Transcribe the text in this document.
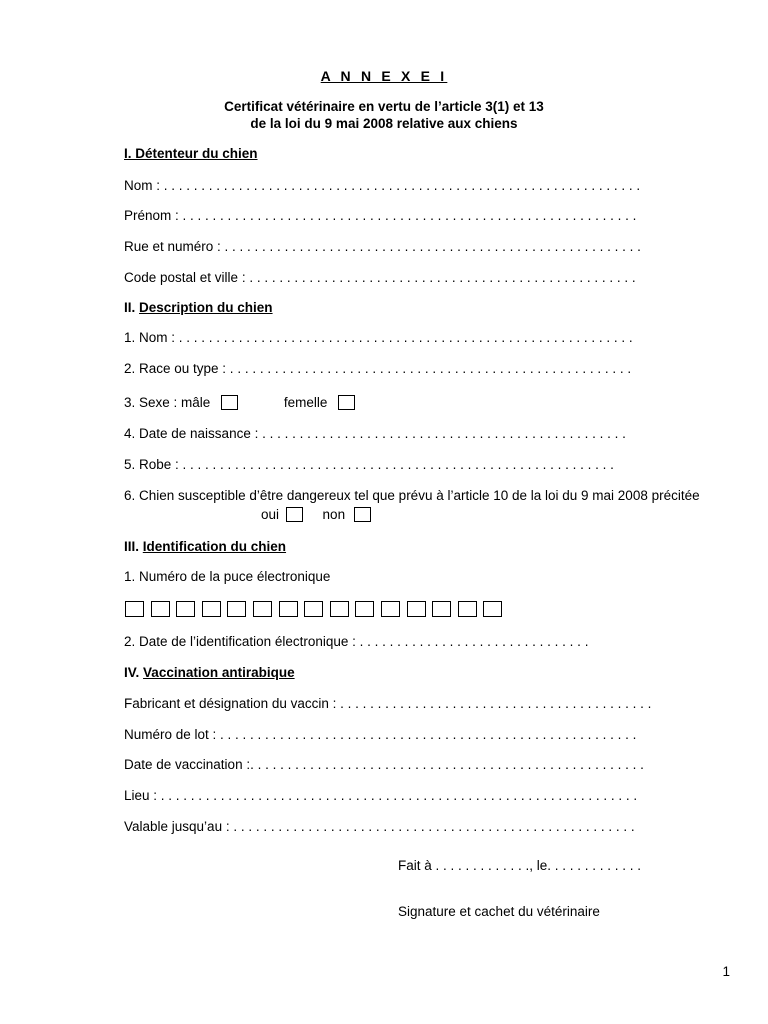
A N N E X E I
Certificat vétérinaire en vertu de l’article 3(1) et 13
de la loi du 9 mai 2008 relative aux chiens
I. Détenteur du chien
Nom : . . . . . . . . . . . . . . . . . . . . . . . . . . . . . . . . . . . . . . . . . . . . . . . . . . . . . . . . . . . . . . . .
Prénom : . . . . . . . . . . . . . . . . . . . . . . . . . . . . . . . . . . . . . . . . . . . . . . . . . . . . . . . . . . . . .
Rue et numéro : . . . . . . . . . . . . . . . . . . . . . . . . . . . . . . . . . . . . . . . . . . . . . . . . . . . . . . . .
Code postal et ville : . . . . . . . . . . . . . . . . . . . . . . . . . . . . . . . . . . . . . . . . . . . . . . . . . . . .
II. Description du chien
1. Nom : . . . . . . . . . . . . . . . . . . . . . . . . . . . . . . . . . . . . . . . . . . . . . . . . . . . . . . . . . . . . .
2. Race ou type : . . . . . . . . . . . . . . . . . . . . . . . . . . . . . . . . . . . . . . . . . . . . . . . . . . . . . .
3. Sexe : mâle	femelle
4. Date de naissance : . . . . . . . . . . . . . . . . . . . . . . . . . . . . . . . . . . . . . . . . . . . . . . . . .
5. Robe : . . . . . . . . . . . . . . . . . . . . . . . . . . . . . . . . . . . . . . . . . . . . . . . . . . . . . . . . . .
6. Chien susceptible d’être dangereux tel que prévu à l’article 10 de la loi du 9 mai 2008 précitée
oui	non
III. Identification du chien
1. Numéro de la puce électronique
2. Date de l’identification électronique : . . . . . . . . . . . . . . . . . . . . . . . . . . . . . . .
IV. Vaccination antirabique
Fabricant et désignation du vaccin : . . . . . . . . . . . . . . . . . . . . . . . . . . . . . . . . . . . . . . . . . .
Numéro de lot : . . . . . . . . . . . . . . . . . . . . . . . . . . . . . . . . . . . . . . . . . . . . . . . . . . . . . . . .
Date de vaccination :. . . . . . . . . . . . . . . . . . . . . . . . . . . . . . . . . . . . . . . . . . . . . . . . . . . . .
Lieu : . . . . . . . . . . . . . . . . . . . . . . . . . . . . . . . . . . . . . . . . . . . . . . . . . . . . . . . . . . . . . . . .
Valable jusqu’au : . . . . . . . . . . . . . . . . . . . . . . . . . . . . . . . . . . . . . . . . . . . . . . . . . . . . . .
Fait à . . . . . . . . . . . . ., le. . . . . . . . . . . . .
Signature et cachet du vétérinaire
1
